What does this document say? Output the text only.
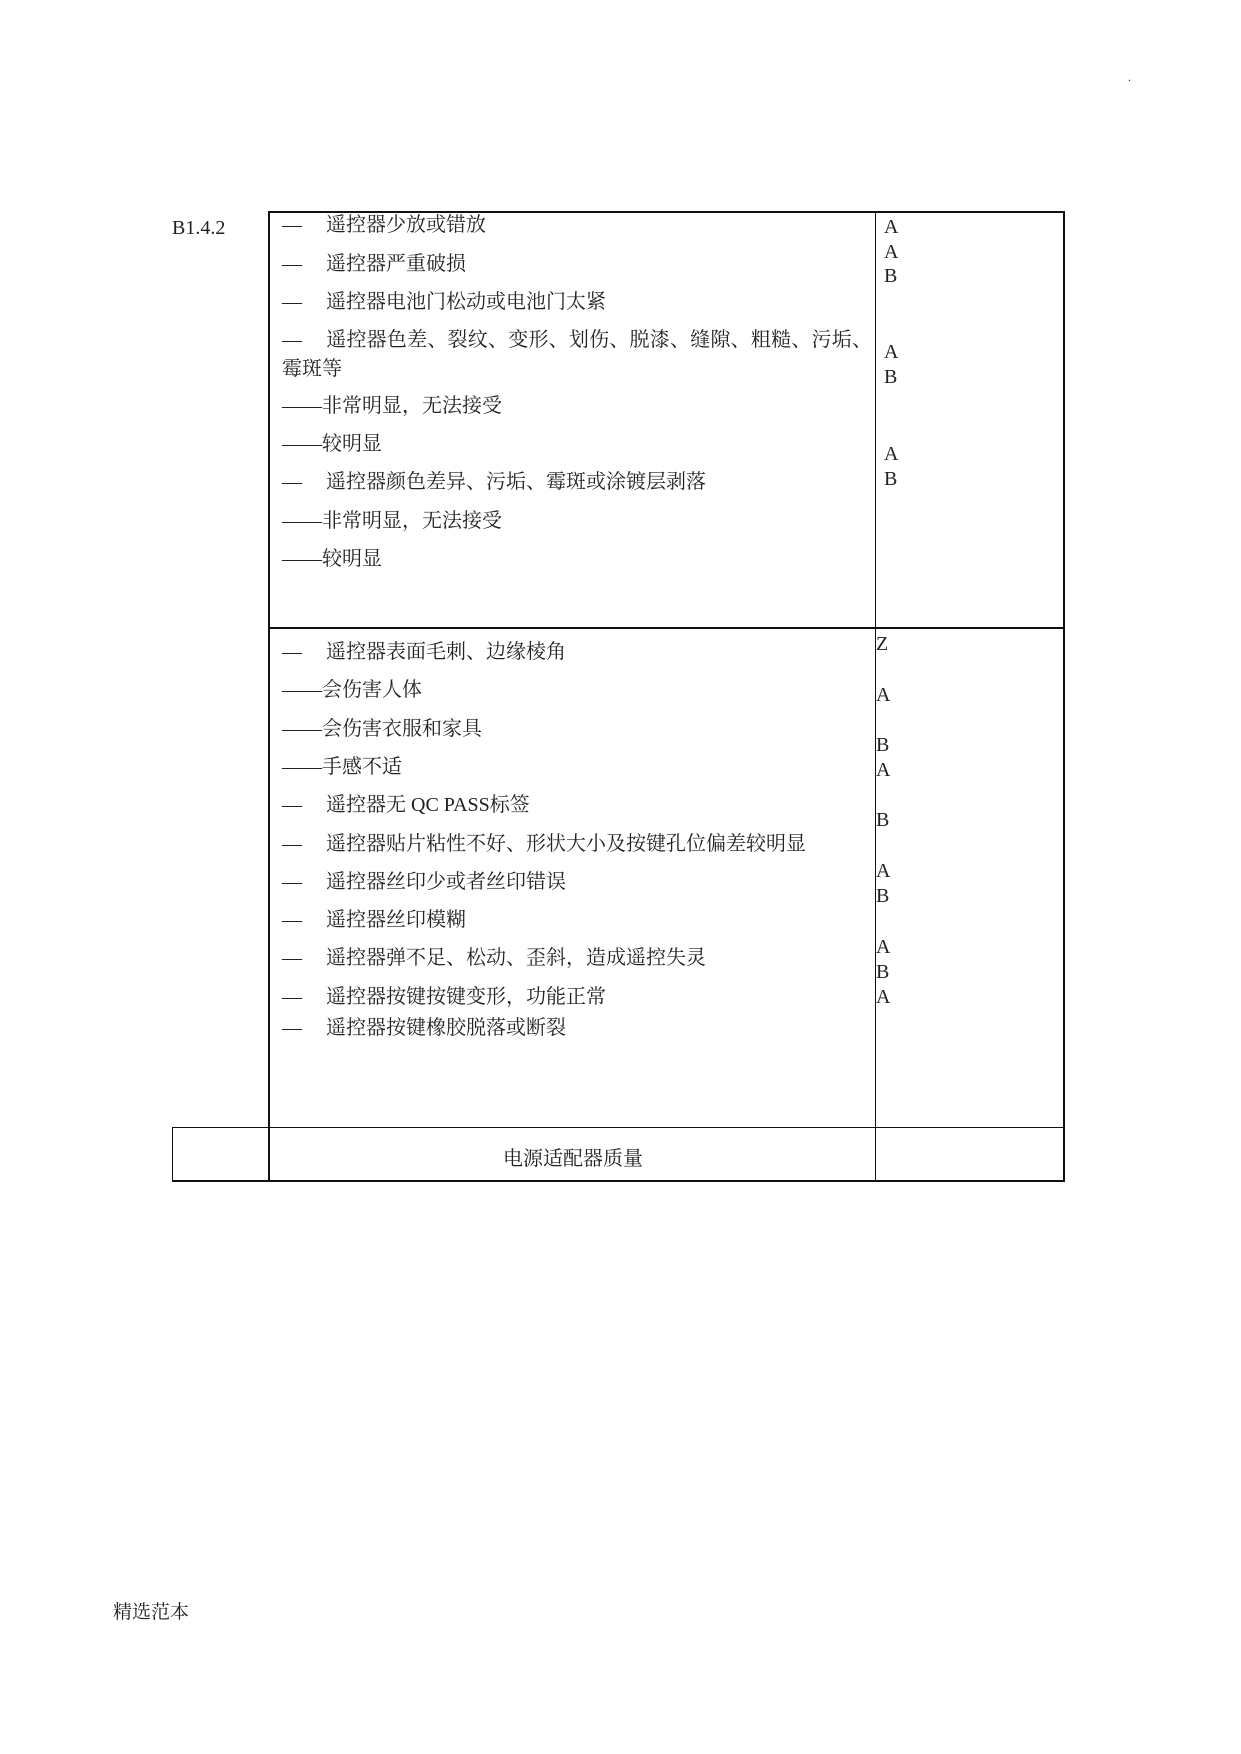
.
B1.4.2	— 遥控器少放或错放
— 遥控器严重破损
— 遥控器电池门松动或电池门太紧
— 遥控器色差、裂纹、变形、划伤、脱漆、缝隙、粗糙、污垢、霉斑等
——非常明显，无法接受
——较明显
— 遥控器颜色差异、污垢、霉斑或涂镀层剥落
——非常明显，无法接受
——较明显
A
A
B
A
B
A
B
— 遥控器表面毛刺、边缘棱角
——会伤害人体
——会伤害衣服和家具
——手感不适
— 遥控器无 QC PASS标签
— 遥控器贴片粘性不好、形状大小及按键孔位偏差较明显
— 遥控器丝印少或者丝印错误
— 遥控器丝印模糊
— 遥控器弹不足、松动、歪斜，造成遥控失灵
— 遥控器按键按键变形，功能正常
— 遥控器按键橡胶脱落或断裂
Z
A
B
A
B
A
B
A
B
A
电源适配器质量
精选范本
